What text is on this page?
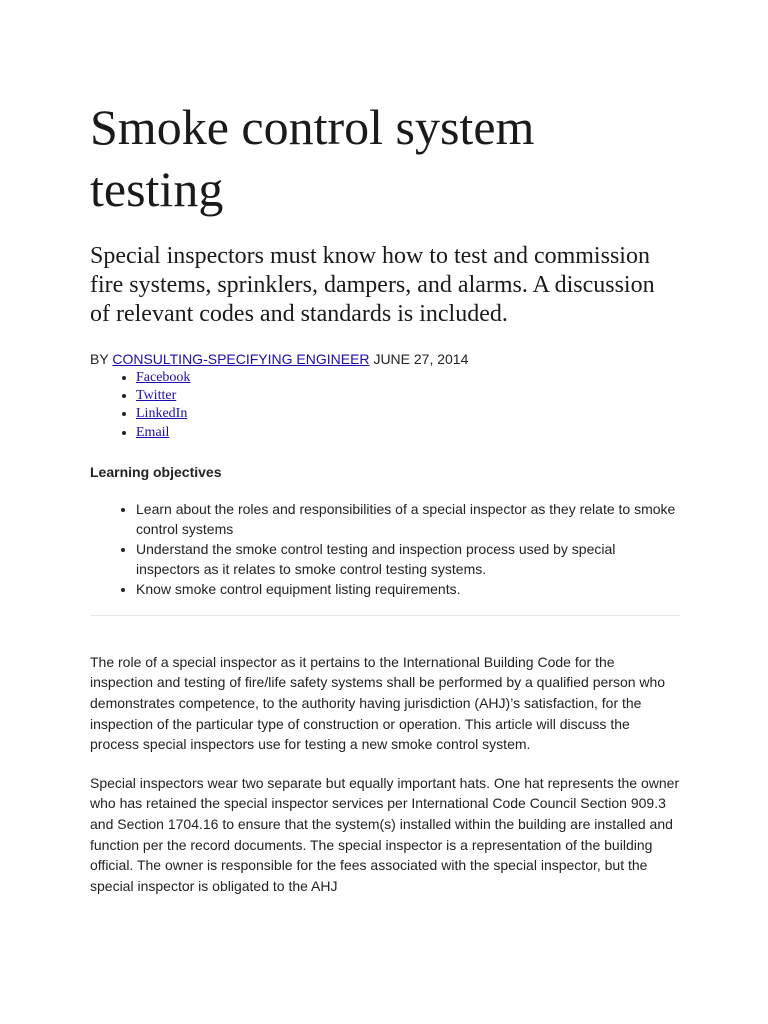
Smoke control system testing

Special inspectors must know how to test and commission fire systems, sprinklers, dampers, and alarms. A discussion of relevant codes and standards is included.

BY CONSULTING-SPECIFYING ENGINEER JUNE 27, 2014
• Facebook
• Twitter
• LinkedIn
• Email
Learning objectives
• Learn about the roles and responsibilities of a special inspector as they relate to smoke control systems
• Understand the smoke control testing and inspection process used by special inspectors as it relates to smoke control testing systems.
• Know smoke control equipment listing requirements.

The role of a special inspector as it pertains to the International Building Code for the inspection and testing of fire/life safety systems shall be performed by a qualified person who demonstrates competence, to the authority having jurisdiction (AHJ)’s satisfaction, for the inspection of the particular type of construction or operation. This article will discuss the process special inspectors use for testing a new smoke control system.

Special inspectors wear two separate but equally important hats. One hat represents the owner who has retained the special inspector services per International Code Council Section 909.3 and Section 1704.16 to ensure that the system(s) installed within the building are installed and function per the record documents. The special inspector is a representation of the building official. The owner is responsible for the fees associated with the special inspector, but the special inspector is obligated to the AHJ
